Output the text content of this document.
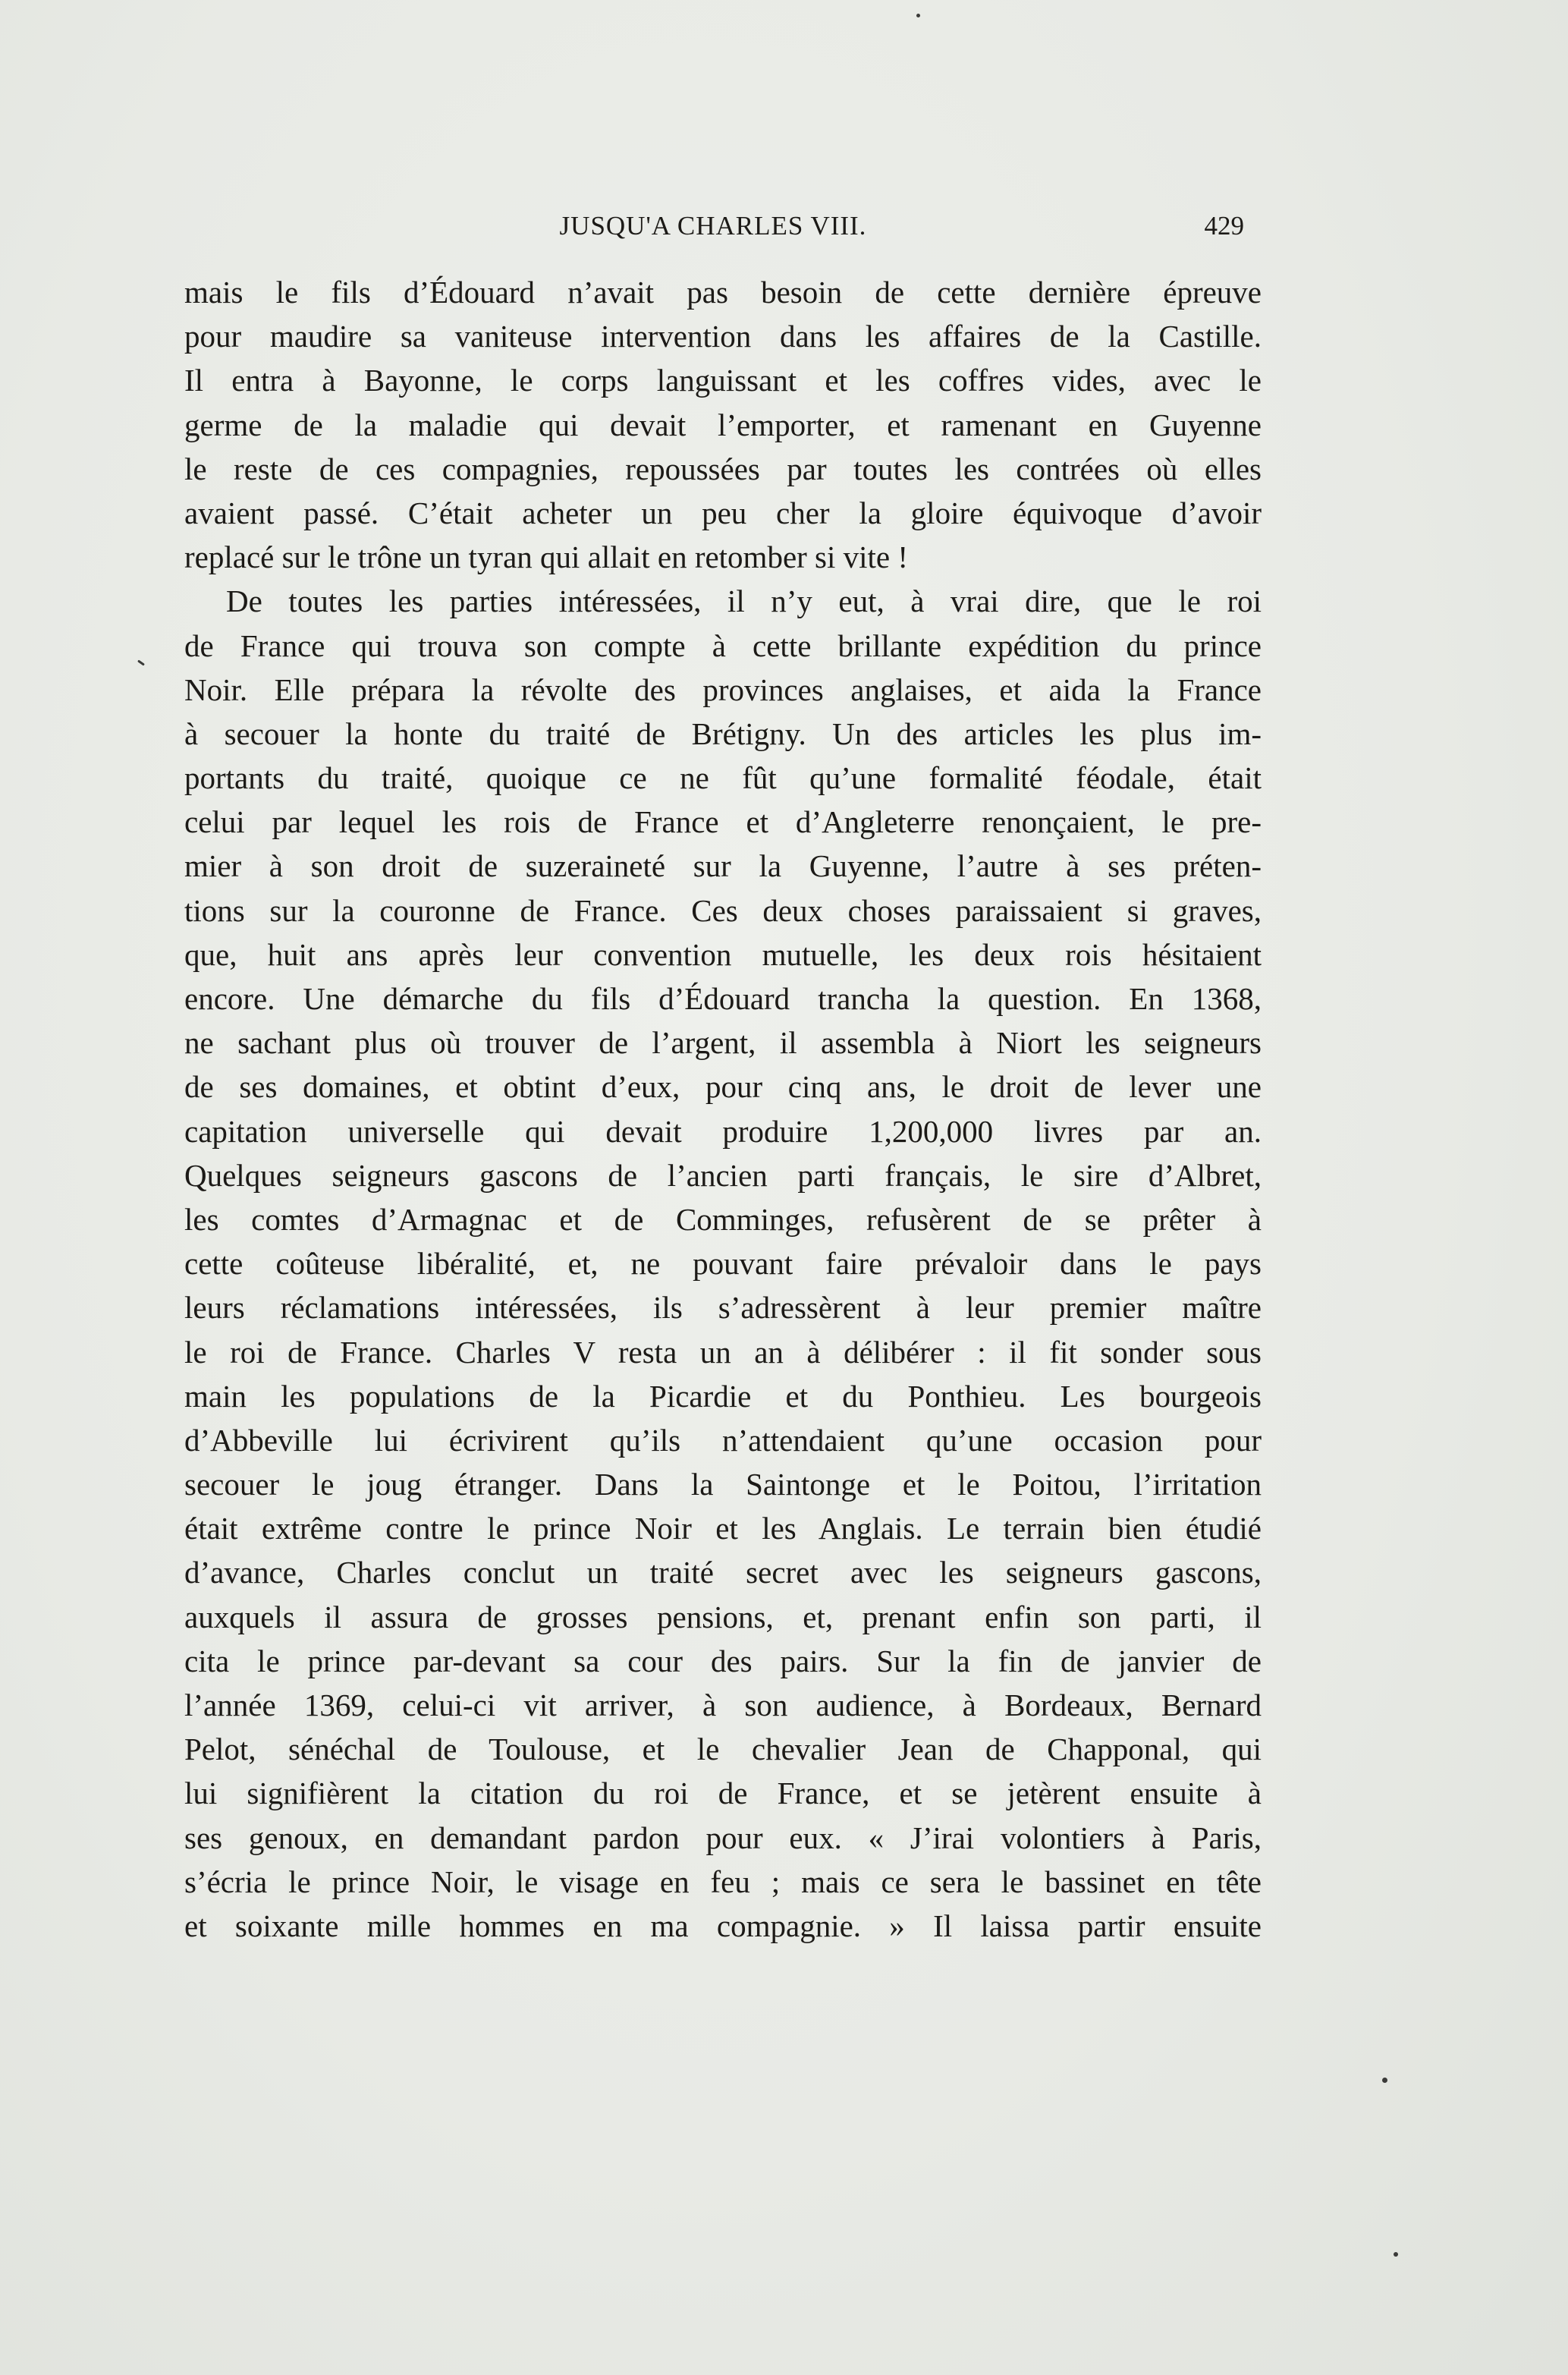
JUSQU'A CHARLES VIII.	429
mais le fils d’Édouard n’avait pas besoin de cette dernière épreuve
pour maudire sa vaniteuse intervention dans les affaires de la Castille.
Il entra à Bayonne, le corps languissant et les coffres vides, avec le
germe de la maladie qui devait l’emporter, et ramenant en Guyenne
le reste de ces compagnies, repoussées par toutes les contrées où elles
avaient passé. C’était acheter un peu cher la gloire équivoque d’avoir
replacé sur le trône un tyran qui allait en retomber si vite !
De toutes les parties intéressées, il n’y eut, à vrai dire, que le roi
de France qui trouva son compte à cette brillante expédition du prince
Noir. Elle prépara la révolte des provinces anglaises, et aida la France
à secouer la honte du traité de Brétigny. Un des articles les plus im-
portants du traité, quoique ce ne fût qu’une formalité féodale, était
celui par lequel les rois de France et d’Angleterre renonçaient, le pre-
mier à son droit de suzeraineté sur la Guyenne, l’autre à ses préten-
tions sur la couronne de France. Ces deux choses paraissaient si graves,
que, huit ans après leur convention mutuelle, les deux rois hésitaient
encore. Une démarche du fils d’Édouard trancha la question. En 1368,
ne sachant plus où trouver de l’argent, il assembla à Niort les seigneurs
de ses domaines, et obtint d’eux, pour cinq ans, le droit de lever une
capitation universelle qui devait produire 1,200,000 livres par an.
Quelques seigneurs gascons de l’ancien parti français, le sire d’Albret,
les comtes d’Armagnac et de Comminges, refusèrent de se prêter à
cette coûteuse libéralité, et, ne pouvant faire prévaloir dans le pays
leurs réclamations intéressées, ils s’adressèrent à leur premier maître
le roi de France. Charles V resta un an à délibérer : il fit sonder sous
main les populations de la Picardie et du Ponthieu. Les bourgeois
d’Abbeville lui écrivirent qu’ils n’attendaient qu’une occasion pour
secouer le joug étranger. Dans la Saintonge et le Poitou, l’irritation
était extrême contre le prince Noir et les Anglais. Le terrain bien étudié
d’avance, Charles conclut un traité secret avec les seigneurs gascons,
auxquels il assura de grosses pensions, et, prenant enfin son parti, il
cita le prince par-devant sa cour des pairs. Sur la fin de janvier de
l’année 1369, celui-ci vit arriver, à son audience, à Bordeaux, Bernard
Pelot, sénéchal de Toulouse, et le chevalier Jean de Chapponal, qui
lui signifièrent la citation du roi de France, et se jetèrent ensuite à
ses genoux, en demandant pardon pour eux. « J’irai volontiers à Paris,
s’écria le prince Noir, le visage en feu ; mais ce sera le bassinet en tête
et soixante mille hommes en ma compagnie. » Il laissa partir ensuite
